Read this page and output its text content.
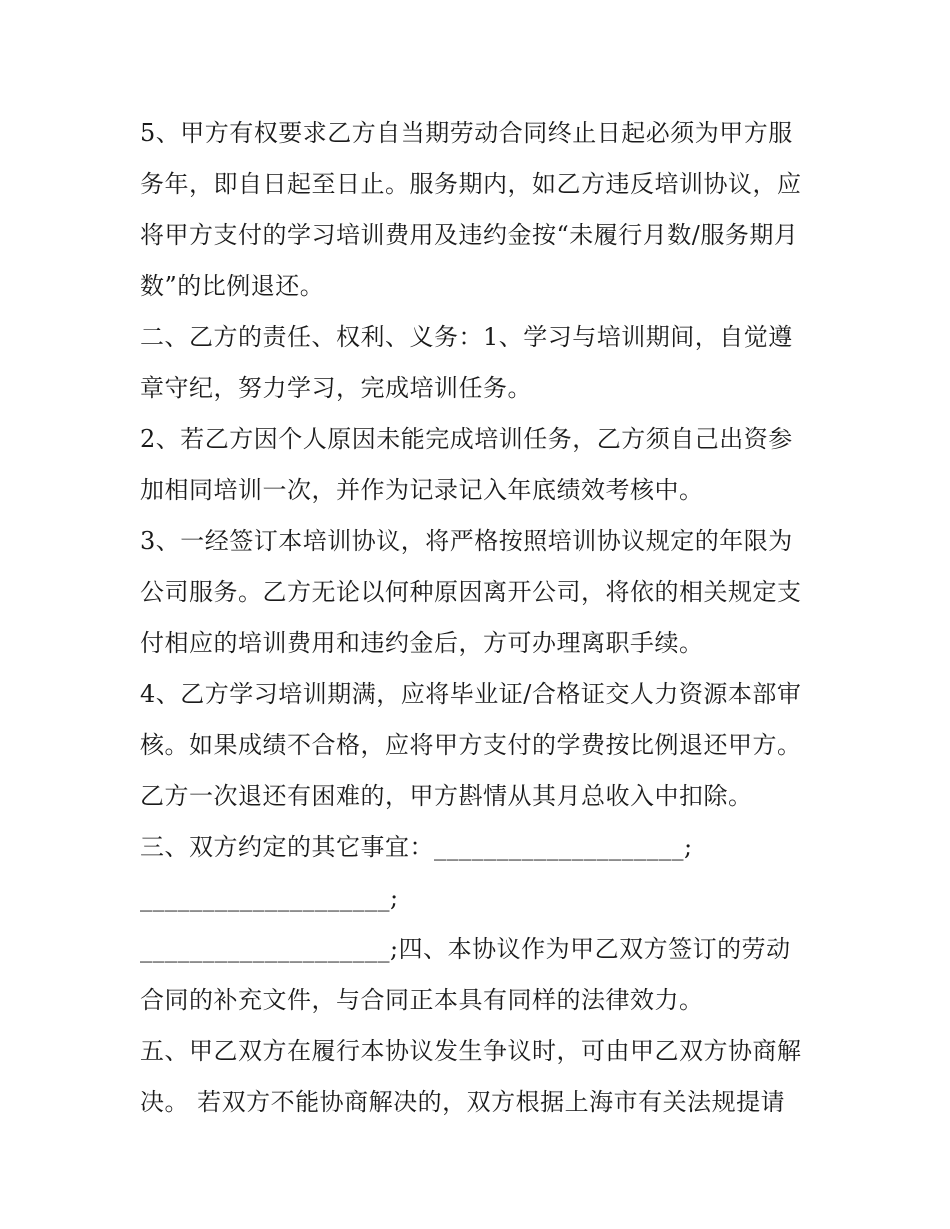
5、甲方有权要求乙方自当期劳动合同终止日起必须为甲方服
务年，即自日起至日止。服务期内，如乙方违反培训协议，应
将甲方支付的学习培训费用及违约金按“未履行月数/服务期月
数”的比例退还。
二、乙方的责任、权利、义务：1、学习与培训期间，自觉遵
章守纪，努力学习，完成培训任务。
2、若乙方因个人原因未能完成培训任务，乙方须自己出资参
加相同培训一次，并作为记录记入年底绩效考核中。
3、一经签订本培训协议，将严格按照培训协议规定的年限为
公司服务。乙方无论以何种原因离开公司，将依的相关规定支
付相应的培训费用和违约金后，方可办理离职手续。
4、乙方学习培训期满，应将毕业证/合格证交人力资源本部审
核。如果成绩不合格，应将甲方支付的学费按比例退还甲方。
乙方一次退还有困难的，甲方斟情从其月总收入中扣除。
三、双方约定的其它事宜：____________________;
____________________;
____________________;四、本协议作为甲乙双方签订的劳动
合同的补充文件，与合同正本具有同样的法律效力。
五、甲乙双方在履行本协议发生争议时，可由甲乙双方协商解
决。 若双方不能协商解决的，双方根据上海市有关法规提请
